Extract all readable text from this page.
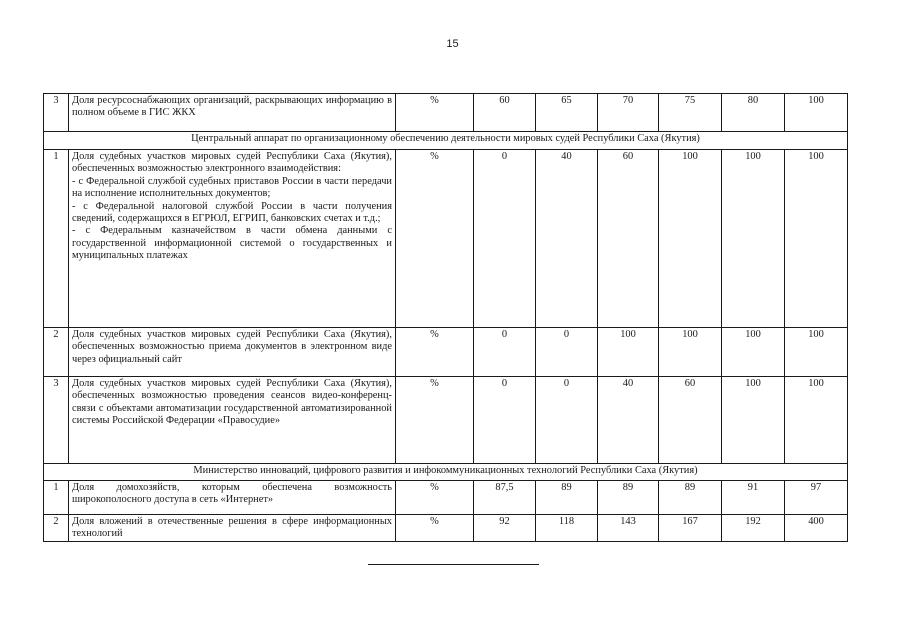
15
3	Доля ресурсоснабжающих организаций, раскрывающих информацию в полном объеме в ГИС ЖКХ	%	60	65	70	75	80	100
Центральный аппарат по организационному обеспечению деятельности мировых судей Республики Саха (Якутия)								
1	Доля судебных участков мировых судей Республики Саха (Якутия), обеспеченных возможностью электронного взаимодействия:
- с Федеральной службой судебных приставов России в части передачи на исполнение исполнительных документов;
- с Федеральной налоговой службой России в части получения сведений, содержащихся в ЕГРЮЛ, ЕГРИП, банковских счетах и т.д.;
- с Федеральным казначейством в части обмена данными с государственной информационной системой о государственных и муниципальных платежах	%	0	40	60	100	100	100
2	Доля судебных участков мировых судей Республики Саха (Якутия), обеспеченных возможностью приема документов в электронном виде через официальный сайт	%	0	0	100	100	100	100
3	Доля судебных участков мировых судей Республики Саха (Якутия), обеспеченных возможностью проведения сеансов видео-конференц-связи с объектами автоматизации государственной автоматизированной системы Российской Федерации «Правосудие»	%	0	0	40	60	100	100
Министерство инноваций, цифрового развития и инфокоммуникационных технологий Республики Саха (Якутия)								
1	Доля домохозяйств, которым обеспечена возможность широкополосного доступа в сеть «Интернет»	%	87,5	89	89	89	91	97
2	Доля вложений в отечественные решения в сфере информационных технологий	%	92	118	143	167	192	400
